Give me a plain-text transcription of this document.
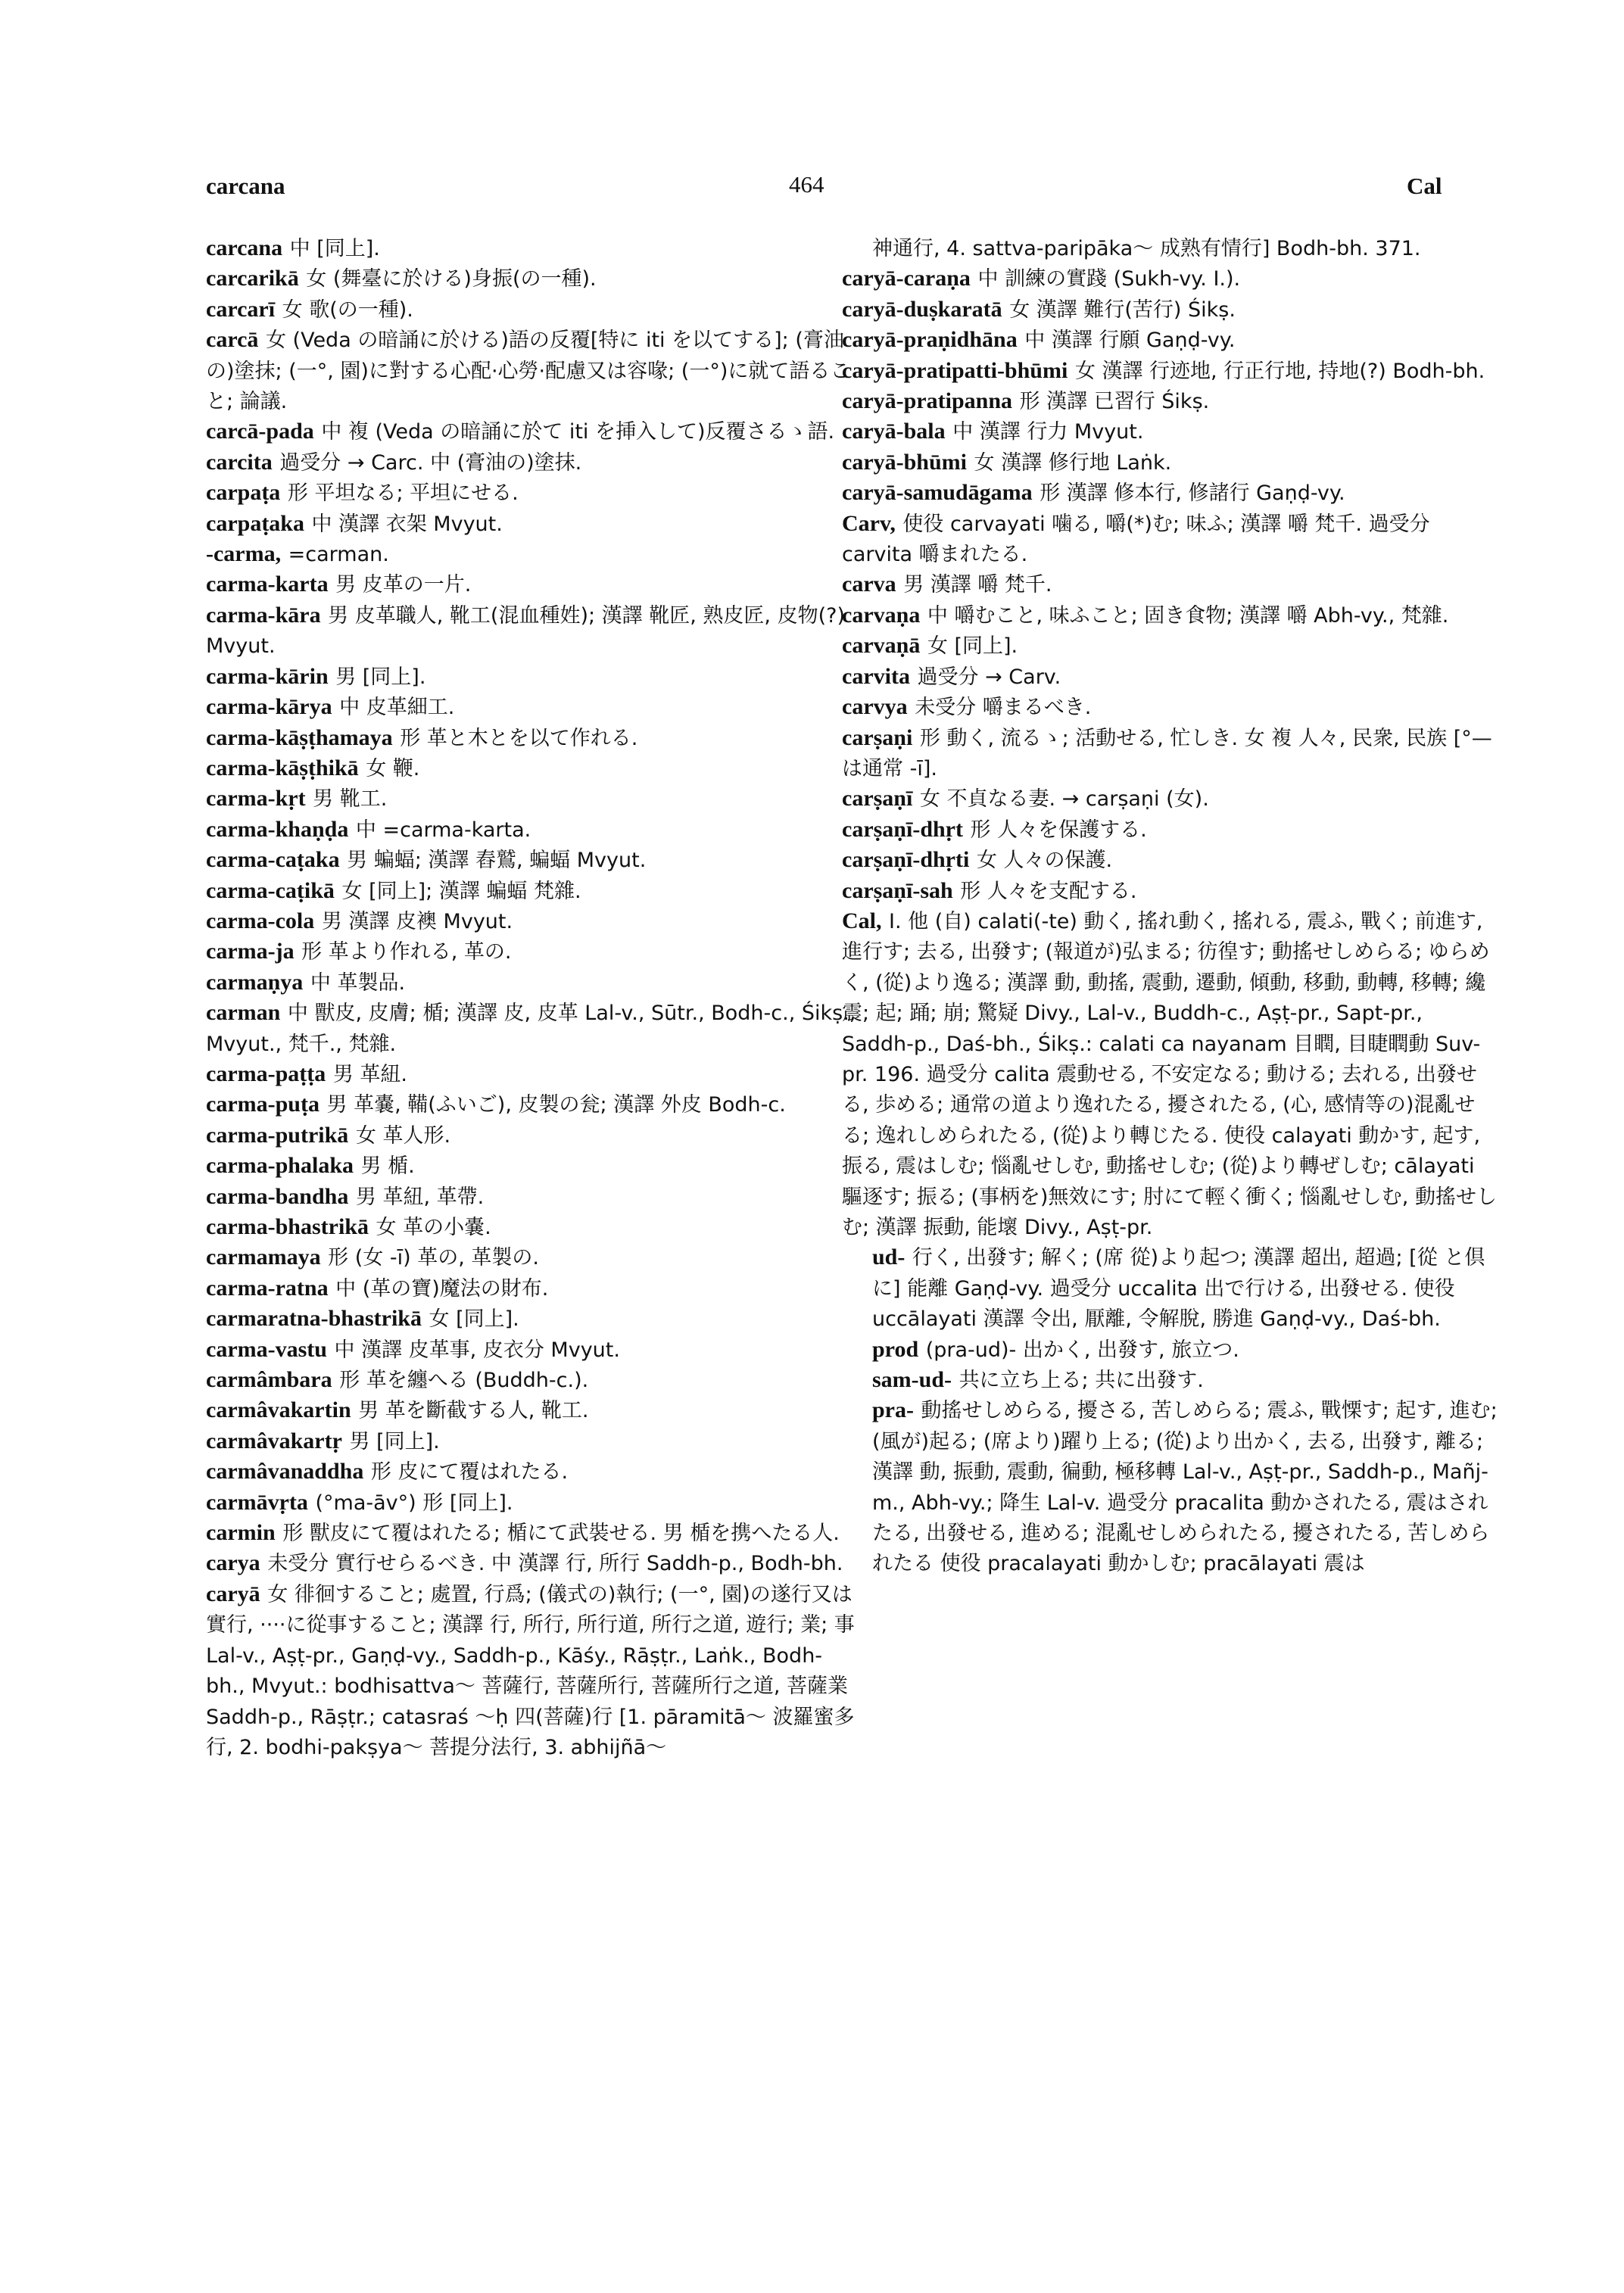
carcana	464	Cal

carcana 中 [同上].

carcarikā 女 (舞臺に於ける)身振(の一種).

carcarī 女 歌(の一種).

carcā 女 (Veda の暗誦に於ける)語の反覆[特に iti を以てする]; (膏油の)塗抹; (一°, 園)に對する心配·心勞·配慮又は容喙; (一°)に就て語ること; 論議.

carcā-pada 中 複 (Veda の暗誦に於て iti を挿入して)反覆さるゝ語.

carcita 過受分 → Carc. 中 (膏油の)塗抹.

carpaṭa 形 平坦なる; 平坦にせる.

carpaṭaka 中 漢譯 衣架 Mvyut.

-carma, =carman.

carma-karta 男 皮革の一片.

carma-kāra 男 皮革職人, 靴工(混血種姓); 漢譯 靴匠, 熟皮匠, 皮物(?) Mvyut.

carma-kārin 男 [同上].

carma-kārya 中 皮革細工.

carma-kāṣṭhamaya 形 革と木とを以て作れる.

carma-kāṣṭhikā 女 鞭.

carma-kṛt 男 靴工.

carma-khaṇḍa 中 =carma-karta.

carma-caṭaka 男 蝙蝠; 漢譯 舂鷲, 蝙蝠 Mvyut.

carma-caṭikā 女 [同上]; 漢譯 蝙蝠 梵雜.

carma-cola 男 漢譯 皮襖 Mvyut.

carma-ja 形 革より作れる, 革の.

carmaṇya 中 革製品.

carman 中 獸皮, 皮膚; 楯; 漢譯 皮, 皮革 Lal-v., Sūtr., Bodh-c., Śikṣ., Mvyut., 梵千., 梵雜.

carma-paṭṭa 男 革紐.

carma-puṭa 男 革嚢, 鞴(ふいご), 皮製の瓮; 漢譯 外皮 Bodh-c.

carma-putrikā 女 革人形.

carma-phalaka 男 楯.

carma-bandha 男 革紐, 革帶.

carma-bhastrikā 女 革の小嚢.

carmamaya 形 (女 -ī) 革の, 革製の.

carma-ratna 中 (革の寶)魔法の財布.

carmaratna-bhastrikā 女 [同上].

carma-vastu 中 漢譯 皮革事, 皮衣分 Mvyut.

carmâmbara 形 革を纏へる (Buddh-c.).

carmâvakartin 男 革を斷截する人, 靴工.

carmâvakartṛ 男 [同上].

carmâvanaddha 形 皮にて覆はれたる.

carmāvṛta (°ma-āv°) 形 [同上].

carmin 形 獸皮にて覆はれたる; 楯にて武裝せる. 男 楯を携へたる人.

carya 未受分 實行せらるべき. 中 漢譯 行, 所行 Saddh-p., Bodh-bh.

caryā 女 徘徊すること; 處置, 行爲; (儀式の)執行; (一°, 園)の遂行又は實行, ····に從事すること; 漢譯 行, 所行, 所行道, 所行之道, 遊行; 業; 事 Lal-v., Aṣṭ-pr., Gaṇḍ-vy., Saddh-p., Kāśy., Rāṣṭr., Laṅk., Bodh-bh., Mvyut.: bodhisattva〜 菩薩行, 菩薩所行, 菩薩所行之道, 菩薩業 Saddh-p., Rāṣṭr.; catasraś 〜ḥ 四(菩薩)行 [1. pāramitā〜 波羅蜜多行, 2. bodhi-pakṣya〜 菩提分法行, 3. abhijñā〜

神通行, 4. sattva-paripāka〜 成熟有情行] Bodh-bh. 371.

caryā-caraṇa 中 訓練の實踐 (Sukh-vy. I.).

caryā-duṣkaratā 女 漢譯 難行(苦行) Śikṣ.

caryā-praṇidhāna 中 漢譯 行願 Gaṇḍ-vy.

caryā-pratipatti-bhūmi 女 漢譯 行迹地, 行正行地, 持地(?) Bodh-bh.

caryā-pratipanna 形 漢譯 已習行 Śikṣ.

caryā-bala 中 漢譯 行力 Mvyut.

caryā-bhūmi 女 漢譯 修行地 Laṅk.

caryā-samudāgama 形 漢譯 修本行, 修諸行 Gaṇḍ-vy.

Carv, 使役 carvayati 噛る, 嚼(*)む; 味ふ; 漢譯 嚼 梵千. 過受分 carvita 嚼まれたる.

carva 男 漢譯 嚼 梵千.

carvaṇa 中 嚼むこと, 味ふこと; 固き食物; 漢譯 嚼 Abh-vy., 梵雜.

carvaṇā 女 [同上].

carvita 過受分 → Carv.

carvya 未受分 嚼まるべき.

carṣaṇi 形 動く, 流るゝ; 活動せる, 忙しき. 女 複 人々, 民衆, 民族 [°— は通常 -ī].

carṣaṇī 女 不貞なる妻. → carṣaṇi (女).

carṣaṇī-dhṛt 形 人々を保護する.

carṣaṇī-dhṛti 女 人々の保護.

carṣaṇī-sah 形 人々を支配する.

Cal, I. 他 (自) calati(-te) 動く, 搖れ動く, 搖れる, 震ふ, 戰く; 前進す, 進行す; 去る, 出發す; (報道が)弘まる; 彷徨す; 動搖せしめらる; ゆらめく, (從)より逸る; 漢譯 動, 動搖, 震動, 遷動, 傾動, 移動, 動轉, 移轉; 纔震; 起; 踊; 崩; 驚疑 Divy., Lal-v., Buddh-c., Aṣṭ-pr., Sapt-pr., Saddh-p., Daś-bh., Śikṣ.: calati ca nayanam 目瞤, 目睫瞤動 Suv-pr. 196. 過受分 calita 震動せる, 不安定なる; 動ける; 去れる, 出發せる, 歩める; 通常の道より逸れたる, 擾されたる, (心, 感情等の)混亂せる; 逸れしめられたる, (從)より轉じたる. 使役 calayati 動かす, 起す, 振る, 震はしむ; 惱亂せしむ, 動搖せしむ; (從)より轉ぜしむ; cālayati 驅逐す; 振る; (事柄を)無效にす; 肘にて輕く衝く; 惱亂せしむ, 動搖せしむ; 漢譯 振動, 能壞 Divy., Aṣṭ-pr.

ud- 行く, 出發す; 解く; (席 從)より起つ; 漢譯 超出, 超過; [從 と倶に] 能離 Gaṇḍ-vy. 過受分 uccalita 出で行ける, 出發せる. 使役 uccālayati 漢譯 令出, 厭離, 令解脫, 勝進 Gaṇḍ-vy., Daś-bh.

prod (pra-ud)- 出かく, 出發す, 旅立つ.

sam-ud- 共に立ち上る; 共に出發す.

pra- 動搖せしめらる, 擾さる, 苦しめらる; 震ふ, 戰慄す; 起す, 進む; (風が)起る; (席より)躍り上る; (從)より出かく, 去る, 出發す, 離る; 漢譯 動, 振動, 震動, 徧動, 極移轉 Lal-v., Aṣṭ-pr., Saddh-p., Mañj-m., Abh-vy.; 降生 Lal-v. 過受分 pracalita 動かされたる, 震はされたる, 出發せる, 進める; 混亂せしめられたる, 擾されたる, 苦しめられたる 使役 pracalayati 動かしむ; pracālayati 震は
